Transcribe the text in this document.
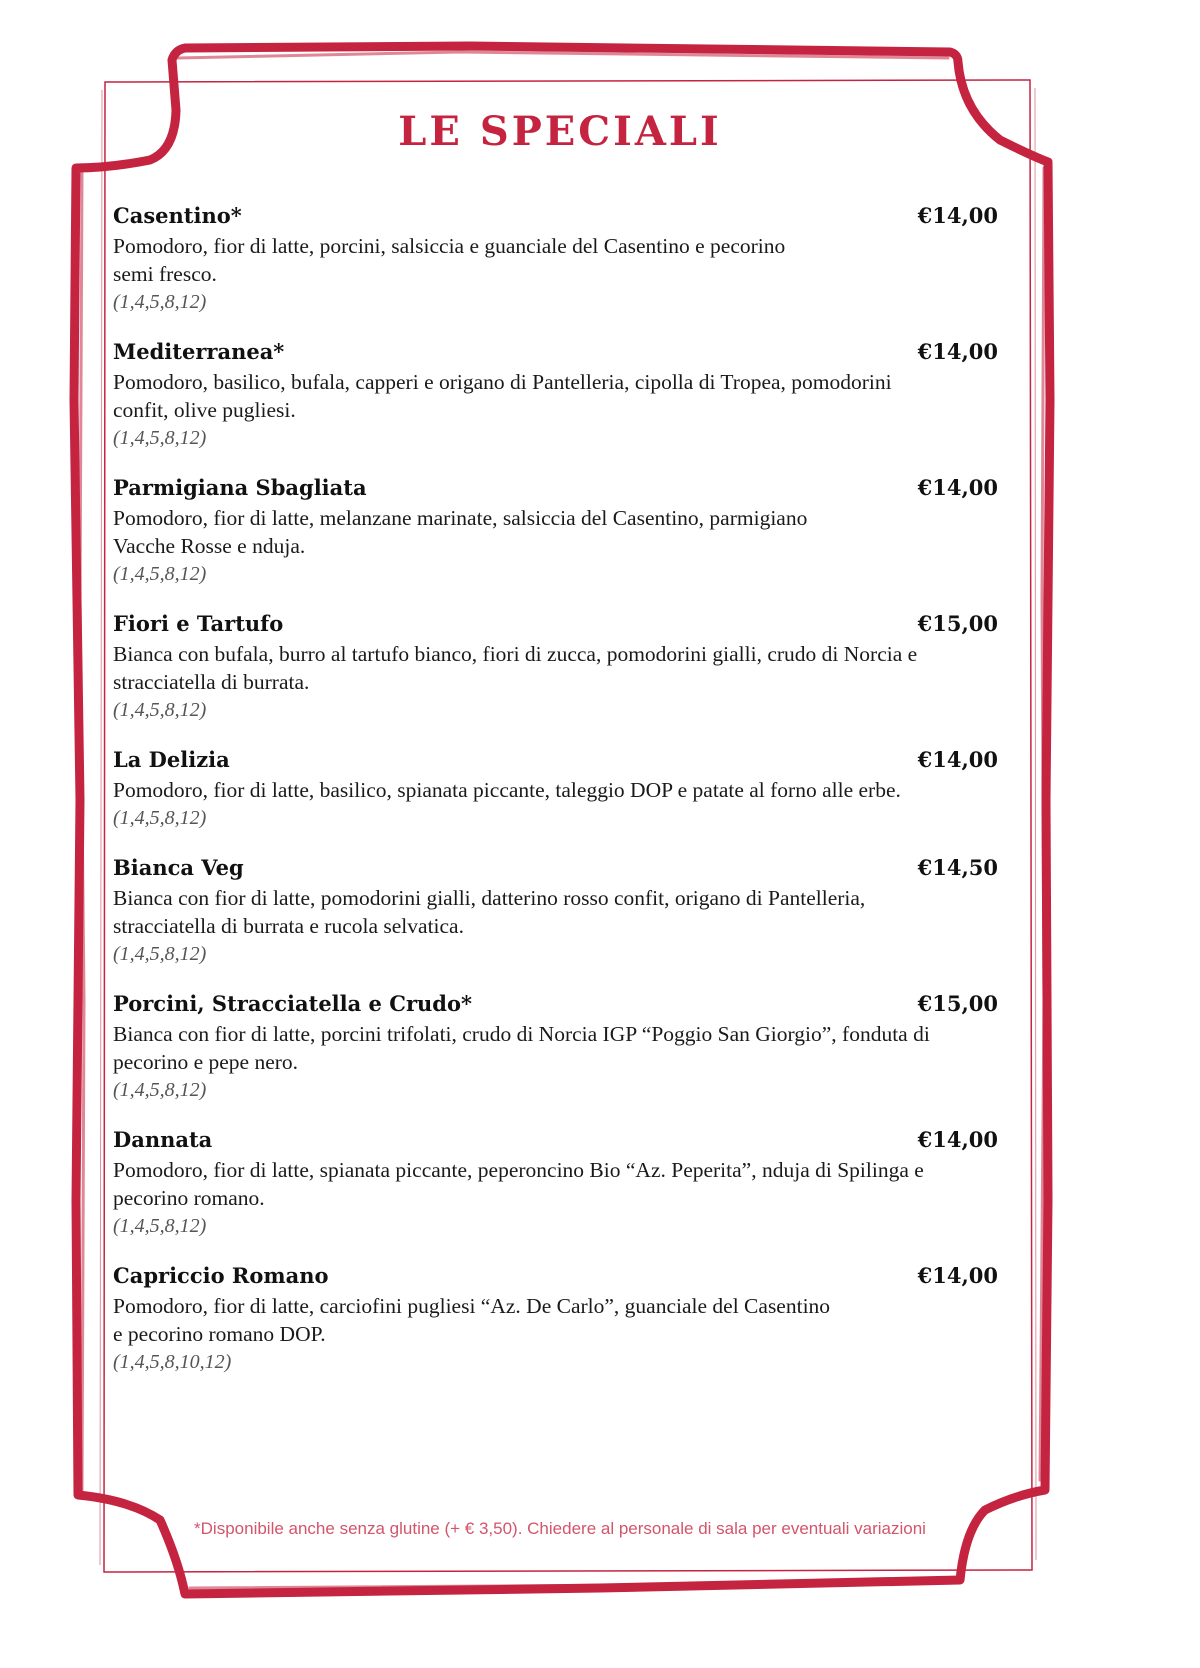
LE SPECIALI
Casentino*	€14,00
Pomodoro, fior di latte, porcini, salsiccia e guanciale del Casentino e pecorino
semi fresco.
(1,4,5,8,12)
Mediterranea*	€14,00
Pomodoro, basilico, bufala, capperi e origano di Pantelleria, cipolla di Tropea, pomodorini
confit, olive pugliesi.
(1,4,5,8,12)
Parmigiana Sbagliata	€14,00
Pomodoro, fior di latte, melanzane marinate, salsiccia del Casentino, parmigiano
Vacche Rosse e nduja.
(1,4,5,8,12)
Fiori e Tartufo	€15,00
Bianca con bufala, burro al tartufo bianco, fiori di zucca, pomodorini gialli, crudo di Norcia e
stracciatella di burrata.
(1,4,5,8,12)
La Delizia	€14,00
Pomodoro, fior di latte, basilico, spianata piccante, taleggio DOP e patate al forno alle erbe.
(1,4,5,8,12)
Bianca Veg	€14,50
Bianca con fior di latte, pomodorini gialli, datterino rosso confit, origano di Pantelleria,
stracciatella di burrata e rucola selvatica.
(1,4,5,8,12)
Porcini, Stracciatella e Crudo*	€15,00
Bianca con fior di latte, porcini trifolati, crudo di Norcia IGP “Poggio San Giorgio”, fonduta di
pecorino e pepe nero.
(1,4,5,8,12)
Dannata	€14,00
Pomodoro, fior di latte, spianata piccante, peperoncino Bio “Az. Peperita”, nduja di Spilinga e
pecorino romano.
(1,4,5,8,12)
Capriccio Romano	€14,00
Pomodoro, fior di latte, carciofini pugliesi “Az. De Carlo”, guanciale del Casentino
e pecorino romano DOP.
(1,4,5,8,10,12)
*Disponibile anche senza glutine (+ € 3,50). Chiedere al personale di sala per eventuali variazioni
